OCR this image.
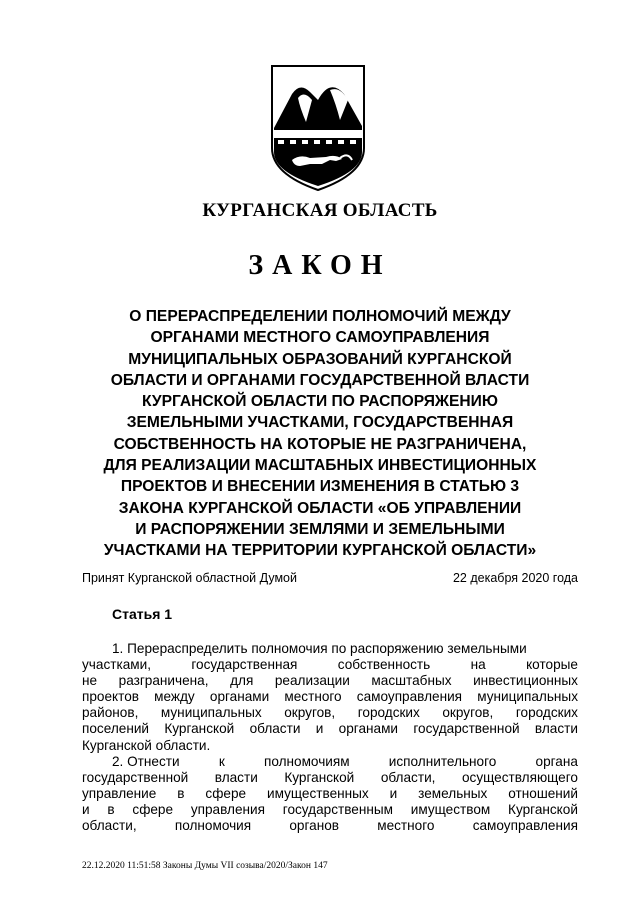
КУРГАНСКАЯ ОБЛАСТЬ
ЗАКОН
О ПЕРЕРАСПРЕДЕЛЕНИИ ПОЛНОМОЧИЙ МЕЖДУ
ОРГАНАМИ МЕСТНОГО САМОУПРАВЛЕНИЯ
МУНИЦИПАЛЬНЫХ ОБРАЗОВАНИЙ КУРГАНСКОЙ
ОБЛАСТИ И ОРГАНАМИ ГОСУДАРСТВЕННОЙ ВЛАСТИ
КУРГАНСКОЙ ОБЛАСТИ ПО РАСПОРЯЖЕНИЮ
ЗЕМЕЛЬНЫМИ УЧАСТКАМИ, ГОСУДАРСТВЕННАЯ
СОБСТВЕННОСТЬ НА КОТОРЫЕ НЕ РАЗГРАНИЧЕНА,
ДЛЯ РЕАЛИЗАЦИИ МАСШТАБНЫХ ИНВЕСТИЦИОННЫХ
ПРОЕКТОВ И ВНЕСЕНИИ ИЗМЕНЕНИЯ В СТАТЬЮ 3
ЗАКОНА КУРГАНСКОЙ ОБЛАСТИ «ОБ УПРАВЛЕНИИ
И РАСПОРЯЖЕНИИ ЗЕМЛЯМИ И ЗЕМЕЛЬНЫМИ
УЧАСТКАМИ НА ТЕРРИТОРИИ КУРГАНСКОЙ ОБЛАСТИ»
Принят Курганской областной Думой	22 декабря 2020 года
Статья 1
1. Перераспределить полномочия по распоряжению земельными
участками,	государственная	собственность	на	которые
не разграничена, для реализации масштабных инвестиционных
проектов между органами местного самоуправления муниципальных
районов, муниципальных округов, городских округов, городских
поселений Курганской области и органами государственной власти
Курганской области.
2. Отнести	к	полномочиям	исполнительного	органа
государственной власти Курганской области, осуществляющего
управление в сфере имущественных и земельных отношений
и в сфере управления государственным имуществом Курганской
области,	полномочия	органов	местного	самоуправления
22.12.2020 11:51:58 Законы Думы VII созыва/2020/Закон 147
